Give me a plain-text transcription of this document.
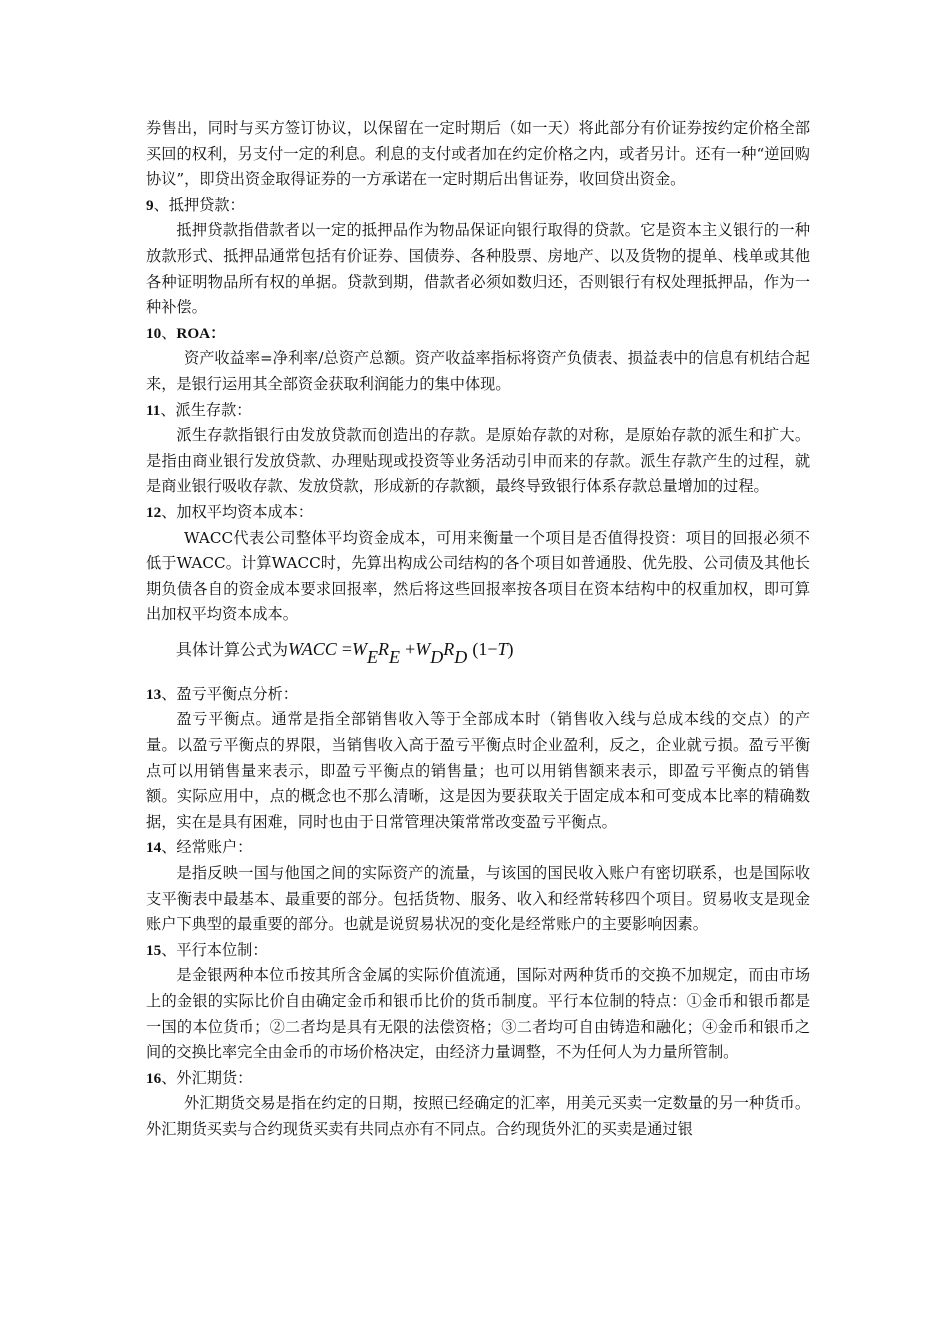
券售出，同时与买方签订协议，以保留在一定时期后（如一天）将此部分有价证券按约定价格全部买回的权利，另支付一定的利息。利息的支付或者加在约定价格之内，或者另计。还有一种“逆回购协议”，即贷出资金取得证券的一方承诺在一定时期后出售证券，收回贷出资金。

9、抵押贷款：

抵押贷款指借款者以一定的抵押品作为物品保证向银行取得的贷款。它是资本主义银行的一种放款形式、抵押品通常包括有价证券、国债券、各种股票、房地产、以及货物的提单、栈单或其他各种证明物品所有权的单据。贷款到期，借款者必须如数归还，否则银行有权处理抵押品，作为一种补偿。

10、ROA：

资产收益率=净利率/总资产总额。资产收益率指标将资产负债表、损益表中的信息有机结合起来，是银行运用其全部资金获取利润能力的集中体现。

11、派生存款：

派生存款指银行由发放贷款而创造出的存款。是原始存款的对称，是原始存款的派生和扩大。是指由商业银行发放贷款、办理贴现或投资等业务活动引申而来的存款。派生存款产生的过程，就是商业银行吸收存款、发放贷款，形成新的存款额，最终导致银行体系存款总量增加的过程。

12、加权平均资本成本：

WACC代表公司整体平均资金成本，可用来衡量一个项目是否值得投资：项目的回报必须不低于WACC。计算WACC时，先算出构成公司结构的各个项目如普通股、优先股、公司债及其他长期负债各自的资金成本要求回报率，然后将这些回报率按各项目在资本结构中的权重加权，即可算出加权平均资本成本。

具体计算公式为WACC $=W_ER_E +W_DR_D$ (1−T)
13、盈亏平衡点分析：

盈亏平衡点。通常是指全部销售收入等于全部成本时（销售收入线与总成本线的交点）的产量。以盈亏平衡点的界限，当销售收入高于盈亏平衡点时企业盈利，反之，企业就亏损。盈亏平衡点可以用销售量来表示，即盈亏平衡点的销售量；也可以用销售额来表示，即盈亏平衡点的销售额。实际应用中，点的概念也不那么清晰，这是因为要获取关于固定成本和可变成本比率的精确数据，实在是具有困难，同时也由于日常管理决策常常改变盈亏平衡点。

14、经常账户：

是指反映一国与他国之间的实际资产的流量，与该国的国民收入账户有密切联系，也是国际收支平衡表中最基本、最重要的部分。包括货物、服务、收入和经常转移四个项目。贸易收支是现金账户下典型的最重要的部分。也就是说贸易状况的变化是经常账户的主要影响因素。

15、平行本位制：

是金银两种本位币按其所含金属的实际价值流通，国际对两种货币的交换不加规定，而由市场上的金银的实际比价自由确定金币和银币比价的货币制度。平行本位制的特点：①金币和银币都是一国的本位货币；②二者均是具有无限的法偿资格；③二者均可自由铸造和融化；④金币和银币之间的交换比率完全由金币的市场价格决定，由经济力量调整，不为任何人为力量所管制。

16、外汇期货：

外汇期货交易是指在约定的日期，按照已经确定的汇率，用美元买卖一定数量的另一种货币。外汇期货买卖与合约现货买卖有共同点亦有不同点。合约现货外汇的买卖是通过银
